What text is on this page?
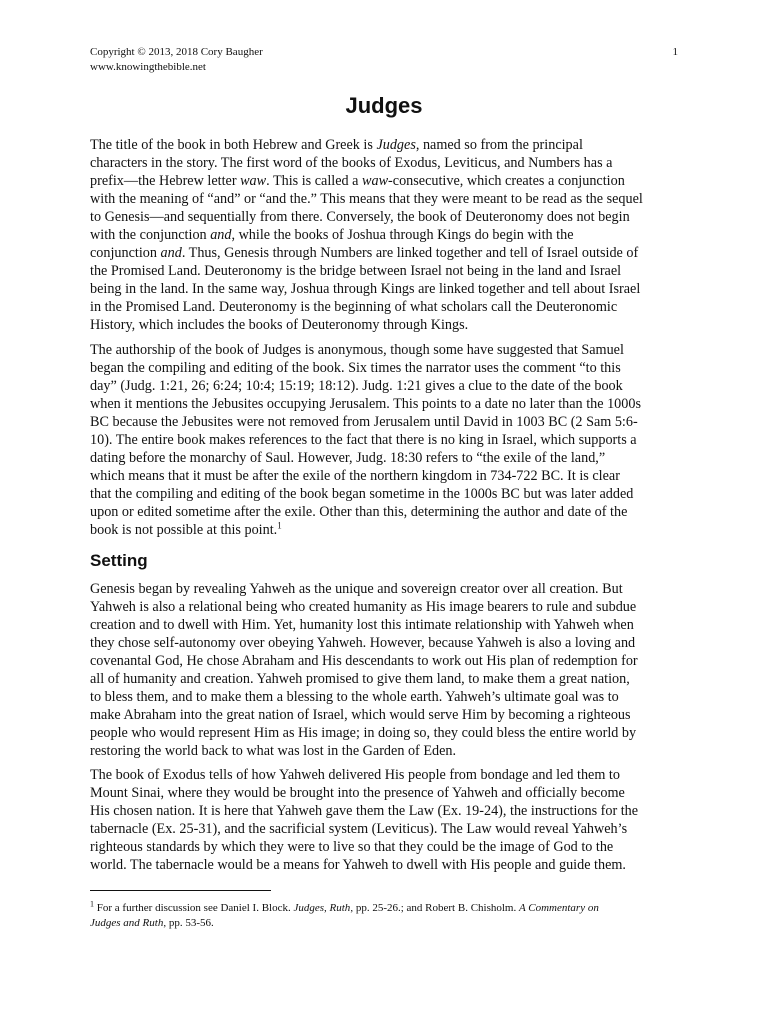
Copyright © 2013, 2018 Cory Baugher
www.knowingthebible.net
1
Judges

The title of the book in both Hebrew and Greek is Judges, named so from the principal
characters in the story. The first word of the books of Exodus, Leviticus, and Numbers has a
prefix—the Hebrew letter waw. This is called a waw-consecutive, which creates a conjunction
with the meaning of “and” or “and the.” This means that they were meant to be read as the sequel
to Genesis—and sequentially from there. Conversely, the book of Deuteronomy does not begin
with the conjunction and, while the books of Joshua through Kings do begin with the
conjunction and. Thus, Genesis through Numbers are linked together and tell of Israel outside of
the Promised Land. Deuteronomy is the bridge between Israel not being in the land and Israel
being in the land. In the same way, Joshua through Kings are linked together and tell about Israel
in the Promised Land. Deuteronomy is the beginning of what scholars call the Deuteronomic
History, which includes the books of Deuteronomy through Kings.

The authorship of the book of Judges is anonymous, though some have suggested that Samuel
began the compiling and editing of the book. Six times the narrator uses the comment “to this
day” (Judg. 1:21, 26; 6:24; 10:4; 15:19; 18:12). Judg. 1:21 gives a clue to the date of the book
when it mentions the Jebusites occupying Jerusalem. This points to a date no later than the 1000s
BC because the Jebusites were not removed from Jerusalem until David in 1003 BC (2 Sam 5:6-
10). The entire book makes references to the fact that there is no king in Israel, which supports a
dating before the monarchy of Saul. However, Judg. 18:30 refers to “the exile of the land,”
which means that it must be after the exile of the northern kingdom in 734-722 BC. It is clear
that the compiling and editing of the book began sometime in the 1000s BC but was later added
upon or edited sometime after the exile. Other than this, determining the author and date of the
book is not possible at this point.$^1$

Setting

Genesis began by revealing Yahweh as the unique and sovereign creator over all creation. But
Yahweh is also a relational being who created humanity as His image bearers to rule and subdue
creation and to dwell with Him. Yet, humanity lost this intimate relationship with Yahweh when
they chose self-autonomy over obeying Yahweh. However, because Yahweh is also a loving and
covenantal God, He chose Abraham and His descendants to work out His plan of redemption for
all of humanity and creation. Yahweh promised to give them land, to make them a great nation,
to bless them, and to make them a blessing to the whole earth. Yahweh’s ultimate goal was to
make Abraham into the great nation of Israel, which would serve Him by becoming a righteous
people who would represent Him as His image; in doing so, they could bless the entire world by
restoring the world back to what was lost in the Garden of Eden.

The book of Exodus tells of how Yahweh delivered His people from bondage and led them to
Mount Sinai, where they would be brought into the presence of Yahweh and officially become
His chosen nation. It is here that Yahweh gave them the Law (Ex. 19-24), the instructions for the
tabernacle (Ex. 25-31), and the sacrificial system (Leviticus). The Law would reveal Yahweh’s
righteous standards by which they were to live so that they could be the image of God to the
world. The tabernacle would be a means for Yahweh to dwell with His people and guide them.

$^1$ For a further discussion see Daniel I. Block. Judges, Ruth, pp. 25-26.; and Robert B. Chisholm. A Commentary on
Judges and Ruth, pp. 53-56.
